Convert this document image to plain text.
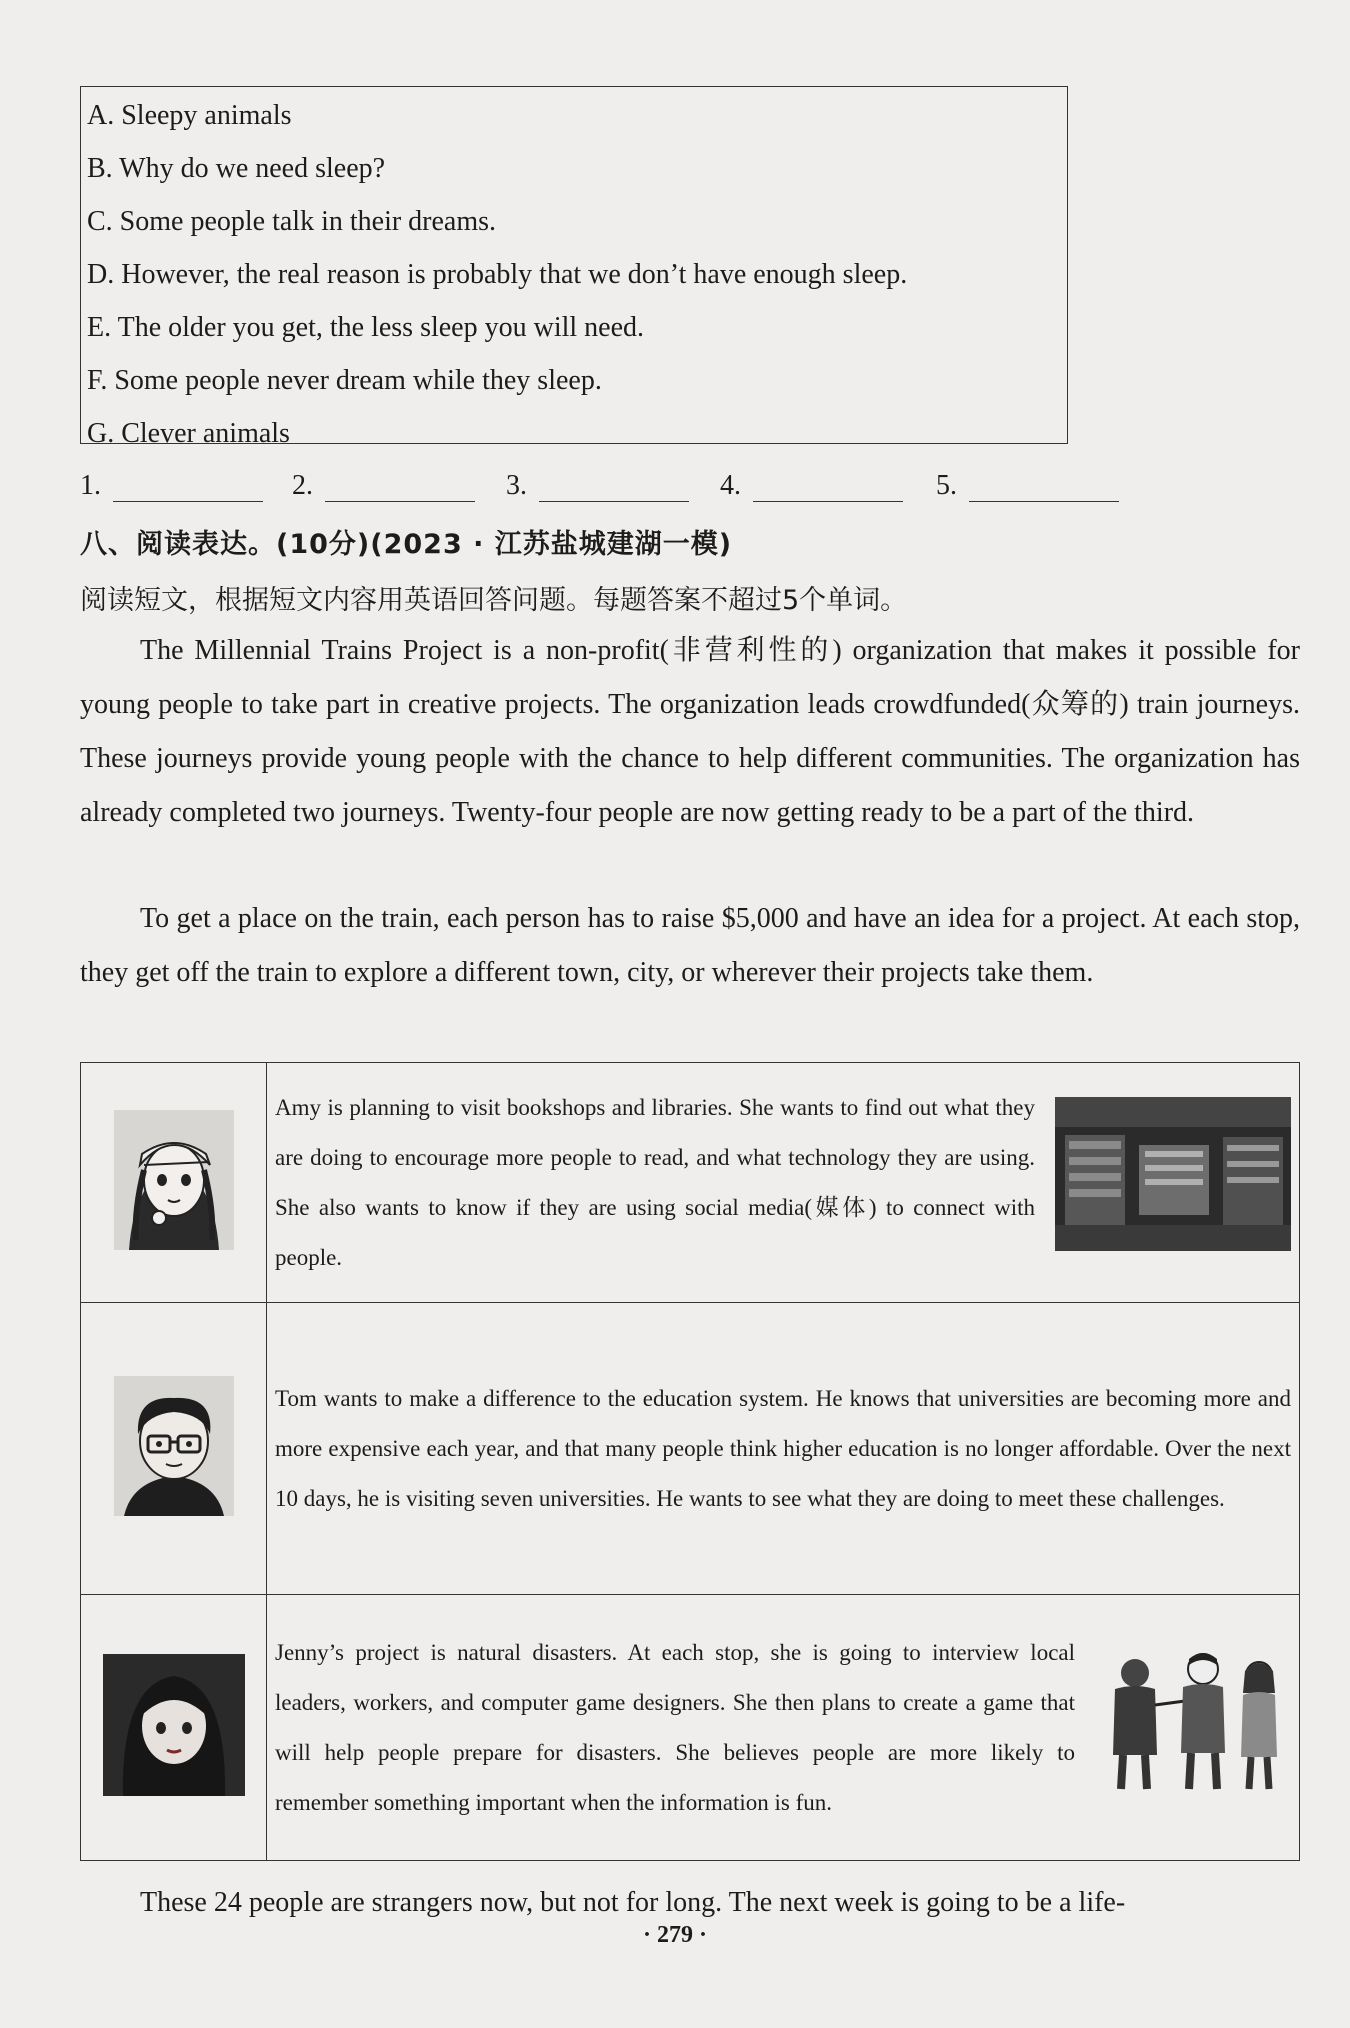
A. Sleepy animals
B. Why do we need sleep?
C. Some people talk in their dreams.
D. However, the real reason is probably that we don’t have enough sleep.
E. The older you get, the less sleep you will need.
F. Some people never dream while they sleep.
G. Clever animals
1.	2.	3.	4.	5.
八、阅读表达。(10分)(2023 · 江苏盐城建湖一模)
阅读短文，根据短文内容用英语回答问题。每题答案不超过5个单词。
The Millennial Trains Project is a non-profit(非营利性的) organization that makes it possible for young people to take part in creative projects. The organization leads crowdfunded(众筹的) train journeys. These journeys provide young people with the chance to help different communities. The organization has already completed two journeys. Twenty-four people are now getting ready to be a part of the third.
To get a place on the train, each person has to raise $5,000 and have an idea for a project. At each stop, they get off the train to explore a different town, city, or wherever their projects take them.

Amy is planning to visit bookshops and libraries. She wants to find out what they are doing to encourage more people to read, and what technology they are using. She also wants to know if they are using social media(媒体) to connect with people.

Tom wants to make a difference to the education system. He knows that universities are becoming more and more expensive each year, and that many people think higher education is no longer affordable. Over the next 10 days, he is visiting seven universities. He wants to see what they are doing to meet these challenges.

Jenny’s project is natural disasters. At each stop, she is going to interview local leaders, workers, and computer game designers. She then plans to create a game that will help people prepare for disasters. She believes people are more likely to remember something important when the information is fun.
These 24 people are strangers now, but not for long. The next week is going to be a life-
· 279 ·
